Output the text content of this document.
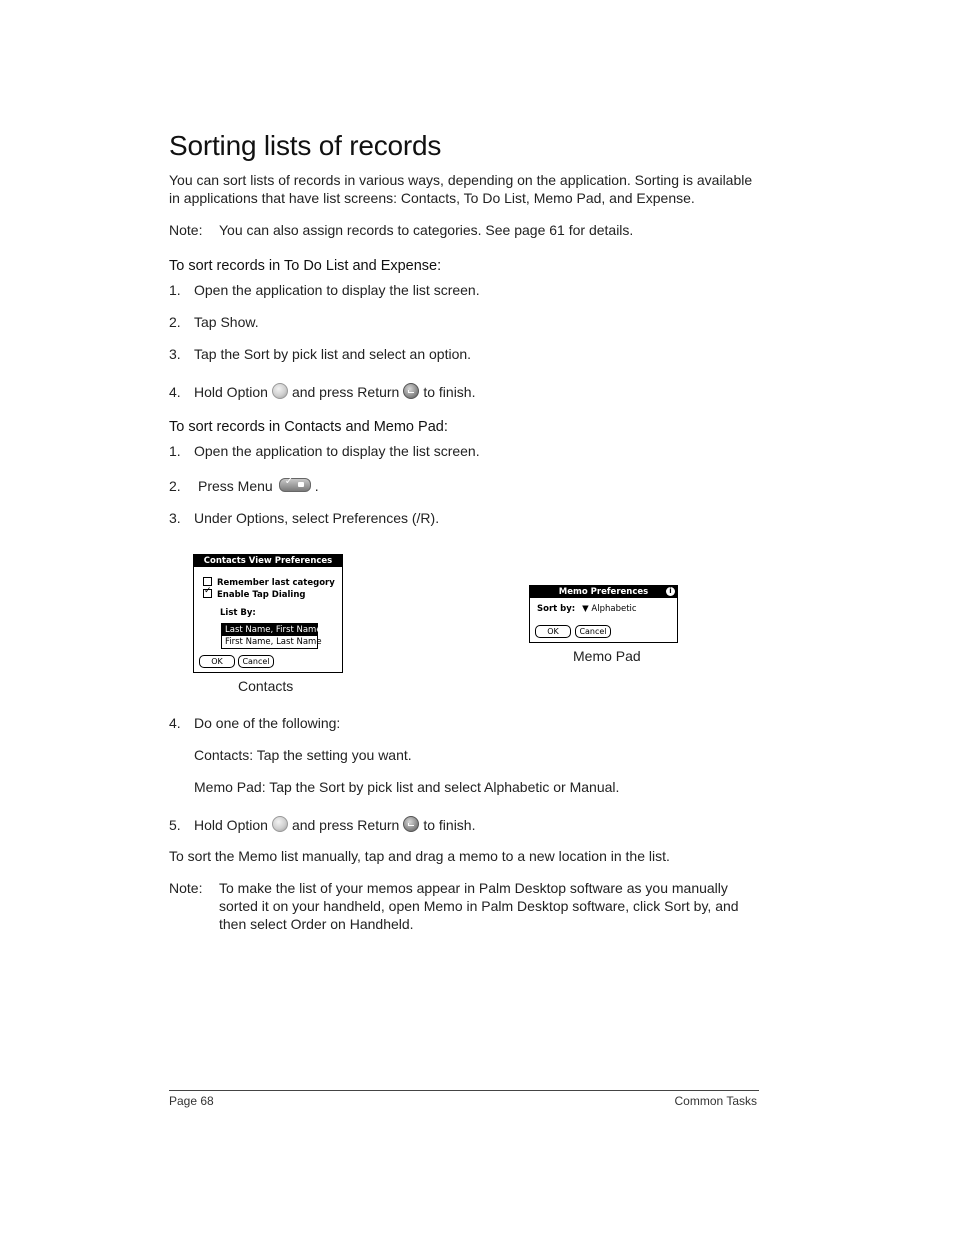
Sorting lists of records
You can sort lists of records in various ways, depending on the application. Sorting is available in applications that have list screens: Contacts, To Do List, Memo Pad, and Expense.
Note: You can also assign records to categories. See page 61 for details.
To sort records in To Do List and Expense:
1. Open the application to display the list screen.
2. Tap Show.
3. Tap the Sort by pick list and select an option.
4. Hold Option and press Return to finish.
To sort records in Contacts and Memo Pad:
1. Open the application to display the list screen.
2. Press Menu✓	.
3. Under Options, select Preferences (/R).
Contacts View Preferences
Remember last category
✓Enable Tap Dialing
List By:
Last Name, First Name
First Name, Last Name
OK	Cancel
Contacts
Memo Preferences	i
Sort by: ▼ Alphabetic
OK	Cancel
Memo Pad
4. Do one of the following:
Contacts: Tap the setting you want.
Memo Pad: Tap the Sort by pick list and select Alphabetic or Manual.
5. Hold Option and press Return to finish.
To sort the Memo list manually, tap and drag a memo to a new location in the list.
Note: To make the list of your memos appear in Palm Desktop software as you manually sorted it on your handheld, open Memo in Palm Desktop software, click Sort by, and then select Order on Handheld.
Page 68	Common Tasks
